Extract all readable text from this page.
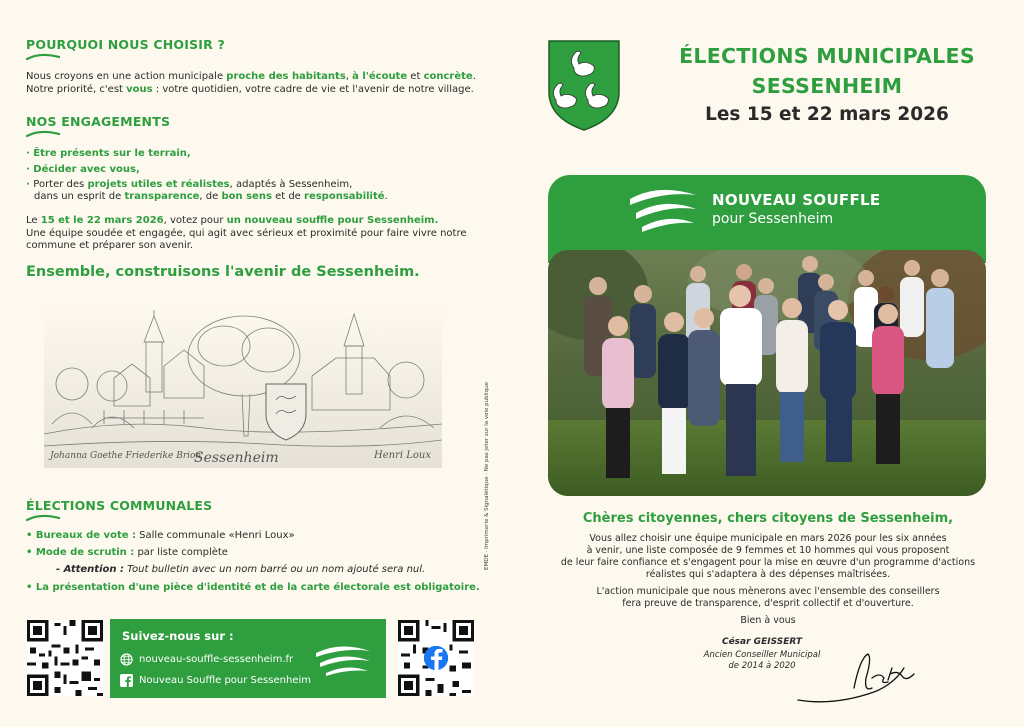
POURQUOI NOUS CHOISIR ?
Nous croyons en une action municipale proche des habitants, à l'écoute et concrète.
Notre priorité, c'est vous : votre quotidien, votre cadre de vie et l'avenir de notre village.
NOS ENGAGEMENTS
· Être présents sur le terrain,
· Décider avec vous,
· Porter des projets utiles et réalistes, adaptés à Sessenheim,
dans un esprit de transparence, de bon sens et de responsabilité.
Le 15 et le 22 mars 2026, votez pour un nouveau souffle pour Sessenheim.
Une équipe soudée et engagée, qui agit avec sérieux et proximité pour faire vivre notre
commune et préparer son avenir.
Ensemble, construisons l'avenir de Sessenheim.
Johanna Goethe Friederike Brion
Sessenheim	Henri Loux
ÉLECTIONS COMMUNALES
• Bureaux de vote : Salle communale «Henri Loux»
• Mode de scrutin : par liste complète
- Attention : Tout bulletin avec un nom barré ou un nom ajouté sera nul.
• La présentation d'une pièce d'identité et de la carte électorale est obligatoire.
Suivez-nous sur :
nouveau-souffle-sessenheim.fr
Nouveau Souffle pour Sessenheim
EMDE · Imprimerie & Signalétique · Ne pas jeter sur la voie publique
ÉLECTIONS MUNICIPALES
SESSENHEIM
Les 15 et 22 mars 2026
NOUVEAU SOUFFLE
pour Sessenheim
Chères citoyennes, chers citoyens de Sessenheim,
Vous allez choisir une équipe municipale en mars 2026 pour les six années
à venir, une liste composée de 9 femmes et 10 hommes qui vous proposent
de leur faire confiance et s'engagent pour la mise en œuvre d'un programme d'actions
réalistes qui s'adaptera à des dépenses maîtrisées.
L'action municipale que nous mènerons avec l'ensemble des conseillers
fera preuve de transparence, d'esprit collectif et d'ouverture.
Bien à vous
César GEISSERT
Ancien Conseiller Municipal
de 2014 à 2020
